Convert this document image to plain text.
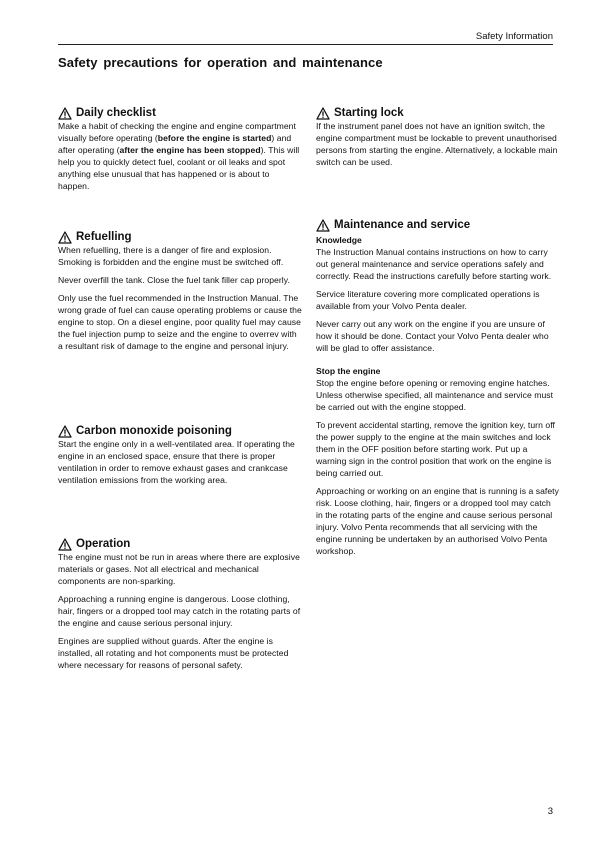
Safety Information
Safety precautions for operation and maintenance
Daily checklist

Make a habit of checking the engine and engine compartment visually before operating (before the engine is started) and after operating (after the engine has been stopped). This will help you to quickly detect fuel, coolant or oil leaks and spot anything else unusual that has happened or is about to happen.

Refuelling

When refuelling, there is a danger of fire and explosion. Smoking is forbidden and the engine must be switched off.

Never overfill the tank. Close the fuel tank filler cap properly.

Only use the fuel recommended in the Instruction Manual. The wrong grade of fuel can cause operating problems or cause the engine to stop. On a diesel engine, poor quality fuel may cause the fuel injection pump to seize and the engine to overrev with a resultant risk of damage to the engine and personal injury.

Carbon monoxide poisoning

Start the engine only in a well-ventilated area. If operating the engine in an enclosed space, ensure that there is proper ventilation in order to remove exhaust gases and crankcase ventilation emissions from the working area.

Operation

The engine must not be run in areas where there are explosive materials or gases. Not all electrical and mechanical components are non-sparking.

Approaching a running engine is dangerous. Loose clothing, hair, fingers or a dropped tool may catch in the rotating parts of the engine and cause serious personal injury.

Engines are supplied without guards. After the engine is installed, all rotating and hot components must be protected where necessary for reasons of personal safety.

Starting lock

If the instrument panel does not have an ignition switch, the engine compartment must be lockable to prevent unauthorised persons from starting the engine. Alternatively, a lockable main switch can be used.

Maintenance and service
Knowledge

The Instruction Manual contains instructions on how to carry out general maintenance and service operations safely and correctly. Read the instructions carefully before starting work.

Service literature covering more complicated operations is available from your Volvo Penta dealer.

Never carry out any work on the engine if you are unsure of how it should be done. Contact your Volvo Penta dealer who will be glad to offer assistance.

Stop the engine

Stop the engine before opening or removing engine hatches. Unless otherwise specified, all maintenance and service must be carried out with the engine stopped.

To prevent accidental starting, remove the ignition key, turn off the power supply to the engine at the main switches and lock them in the OFF position before starting work. Put up a warning sign in the control position that work on the engine is being carried out.

Approaching or working on an engine that is running is a safety risk. Loose clothing, hair, fingers or a dropped tool may catch in the rotating parts of the engine and cause serious personal injury. Volvo Penta recommends that all servicing with the engine running be undertaken by an authorised Volvo Penta workshop.

3
